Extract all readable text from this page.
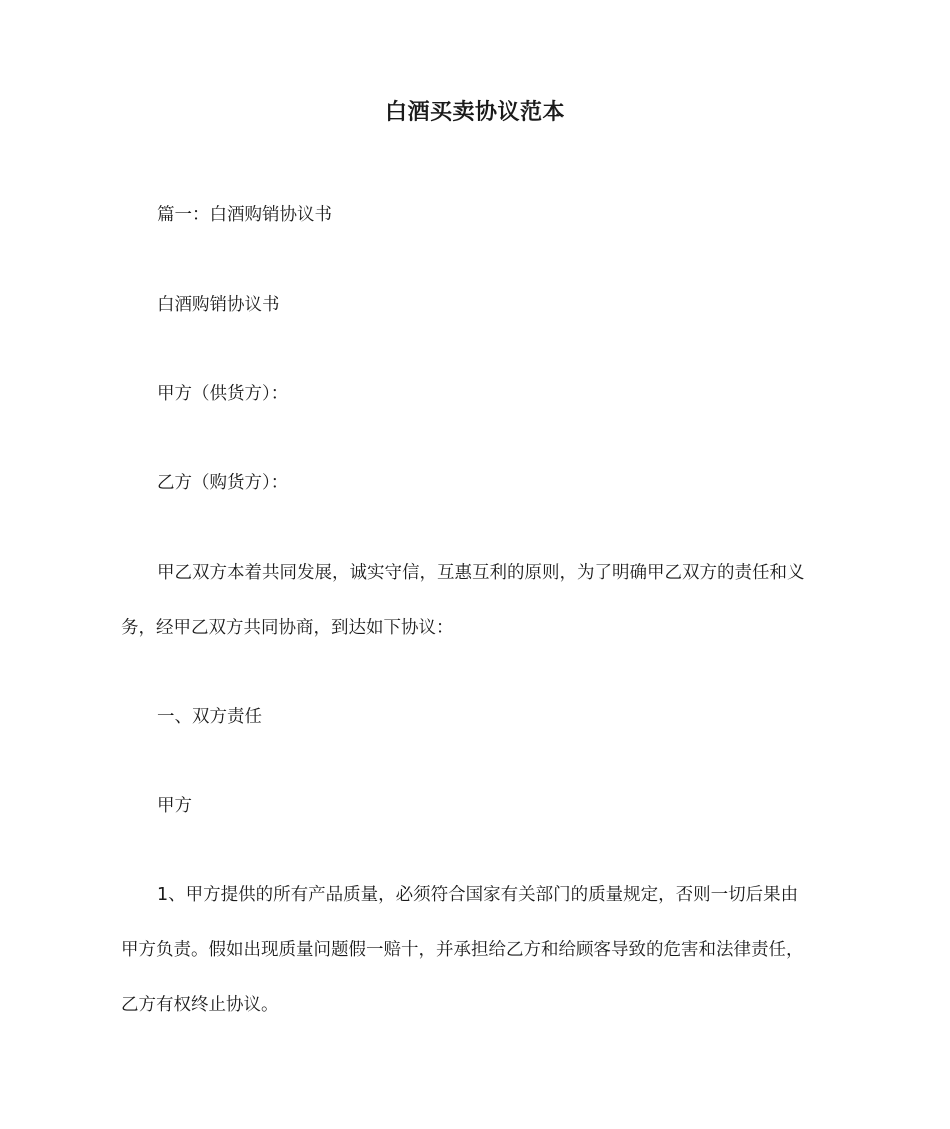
白酒买卖协议范本

篇一：白酒购销协议书

白酒购销协议书

甲方（供货方）：

乙方（购货方）：

甲乙双方本着共同发展，诚实守信，互惠互利的原则，为了明确甲乙双方的责任和义
务，经甲乙双方共同协商，到达如下协议：

一、双方责任

甲方

1、甲方提供的所有产品质量，必须符合国家有关部门的质量规定，否则一切后果由
甲方负责。假如出现质量问题假一赔十，并承担给乙方和给顾客导致的危害和法律责任，
乙方有权终止协议。
